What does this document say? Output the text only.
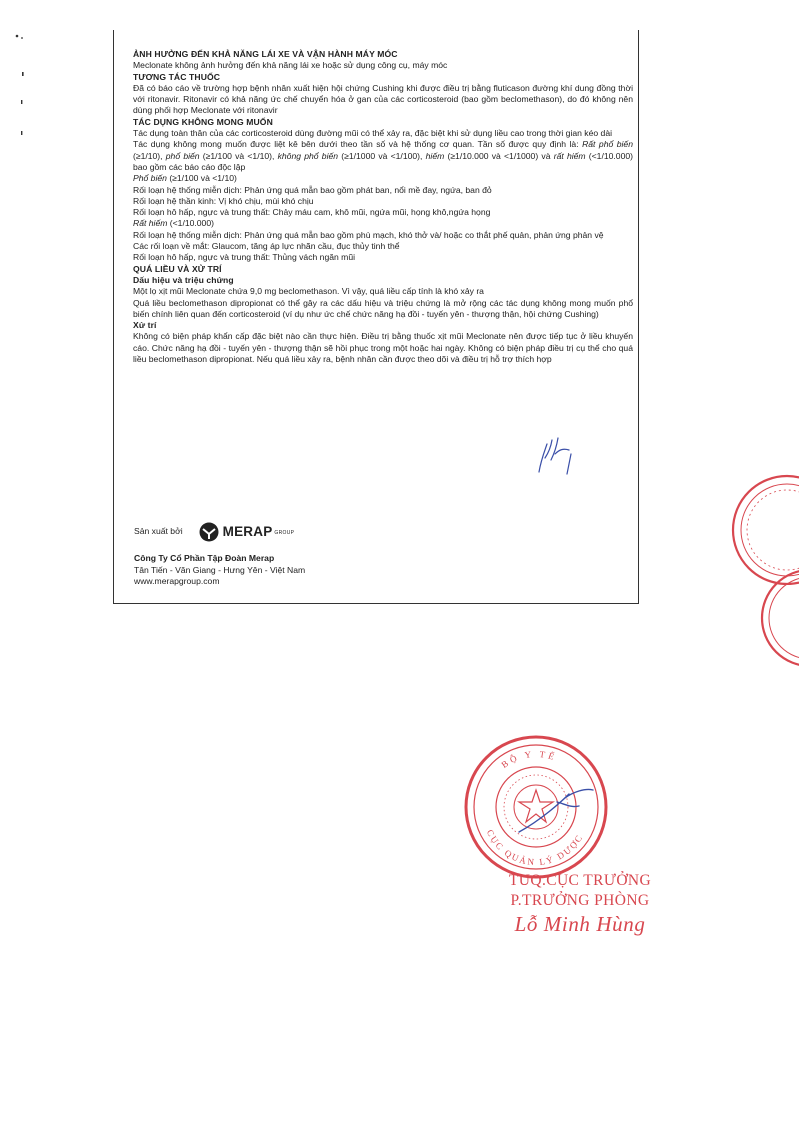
ẢNH HƯỞNG ĐẾN KHẢ NĂNG LÁI XE VÀ VẬN HÀNH MÁY MÓC

Meclonate không ảnh hưởng đến khả năng lái xe hoặc sử dụng công cụ, máy móc

TƯƠNG TÁC THUỐC

Đã có báo cáo về trường hợp bệnh nhân xuất hiện hội chứng Cushing khi được điều trị bằng fluticason đường khí dung đồng thời với ritonavir. Ritonavir có khả năng ức chế chuyển hóa ở gan của các corticosteroid (bao gồm beclomethason), do đó không nên dùng phối hợp Meclonate với ritonavir

TÁC DỤNG KHÔNG MONG MUỐN

Tác dụng toàn thân của các corticosteroid dùng đường mũi có thể xảy ra, đặc biệt khi sử dụng liều cao trong thời gian kéo dài

Tác dụng không mong muốn được liệt kê bên dưới theo tần số và hệ thống cơ quan. Tần số được quy định là: Rất phổ biến (≥1/10), phổ biến (≥1/100 và <1/10), không phổ biến (≥1/1000 và <1/100), hiếm (≥1/10.000 và <1/1000) và rất hiếm (<1/10.000) bao gồm các báo cáo độc lập

Phổ biến (≥1/100 và <1/10)

Rối loạn hệ thống miễn dịch: Phản ứng quá mẫn bao gồm phát ban, nổi mề đay, ngứa, ban đỏ

Rối loạn hệ thần kinh: Vị khó chịu, mùi khó chịu

Rối loạn hô hấp, ngực và trung thất: Chảy máu cam, khô mũi, ngứa mũi, họng khô,ngứa họng

Rất hiếm (<1/10.000)

Rối loạn hệ thống miễn dịch: Phản ứng quá mẫn bao gồm phù mạch, khó thở và/ hoặc co thắt phế quản, phản ứng phản vệ

Các rối loạn về mắt: Glaucom, tăng áp lực nhãn cầu, đục thủy tinh thể

Rối loạn hô hấp, ngực và trung thất: Thủng vách ngăn mũi

QUÁ LIỀU VÀ XỬ TRÍ

Dấu hiệu và triệu chứng

Một lọ xịt mũi Meclonate chứa 9,0 mg beclomethason. Vì vậy, quá liều cấp tính là khó xảy ra

Quá liều beclomethason dipropionat có thể gây ra các dấu hiệu và triệu chứng là mở rộng các tác dụng không mong muốn phổ biến chính liên quan đến corticosteroid (ví dụ như ức chế chức năng hạ đồi - tuyến yên - thượng thận, hội chứng Cushing)

Xử trí

Không có biện pháp khẩn cấp đặc biệt nào cần thực hiện. Điều trị bằng thuốc xịt mũi Meclonate nên được tiếp tục ở liều khuyến cáo. Chức năng hạ đồi - tuyến yên - thượng thận sẽ hồi phục trong một hoặc hai ngày. Không có biện pháp điều trị cụ thể cho quá liều beclomethason dipropionat. Nếu quá liều xảy ra, bệnh nhân cần được theo dõi và điều trị hỗ trợ thích hợp

Sản xuất bởi	MERAP GROUP
Công Ty Cổ Phần Tập Đoàn Merap
Tân Tiến - Văn Giang - Hưng Yên - Việt Nam
www.merapgroup.com
BỘ Y TẾ
CỤC QUẢN LÝ DƯỢC
TUQ.CỤC TRƯỞNG
P.TRƯỞNG PHÒNG
Lỗ Minh Hùng
